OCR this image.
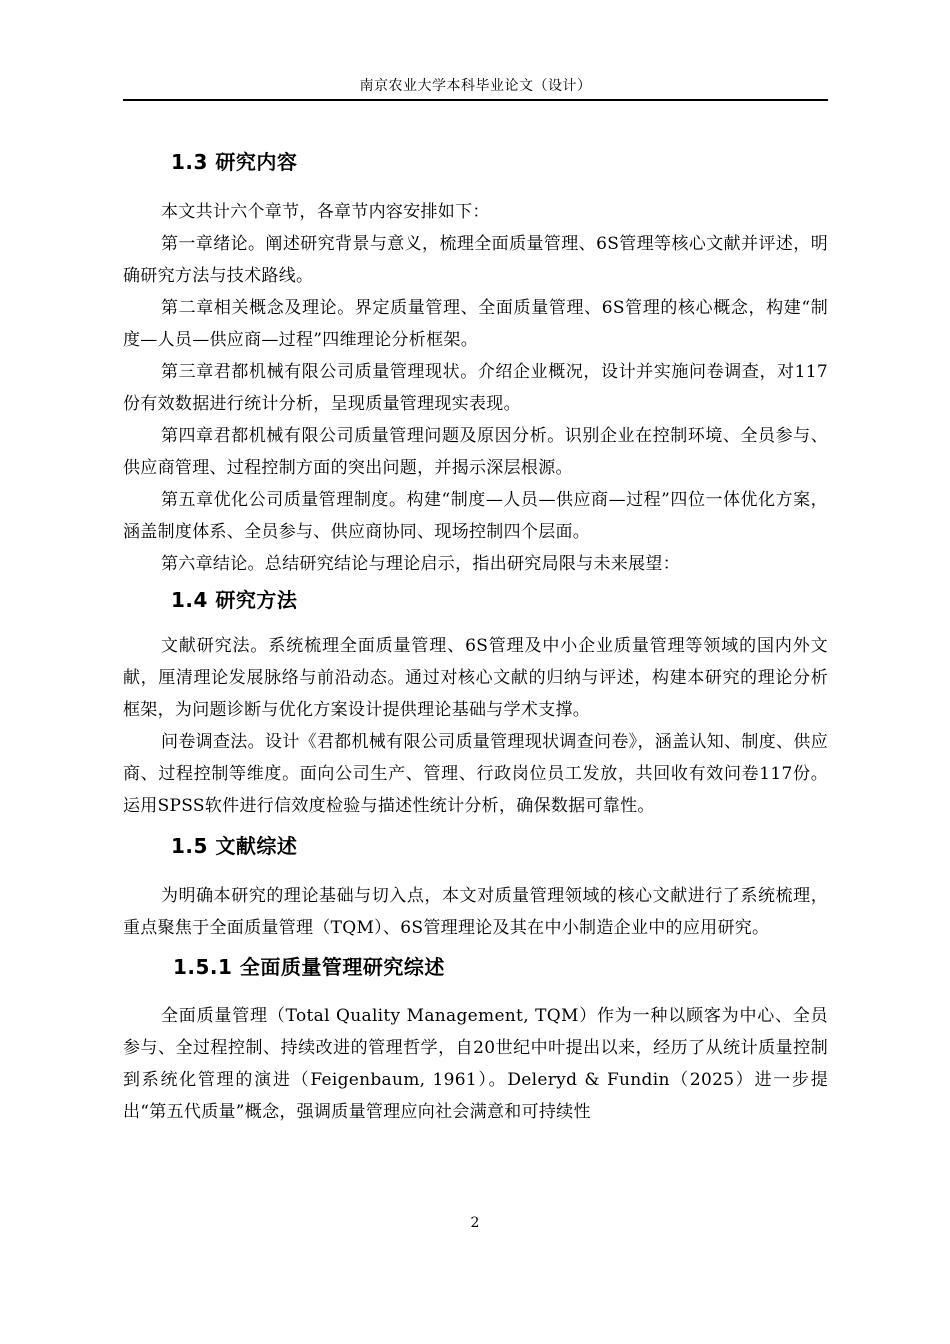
南京农业大学本科毕业论文（设计）
1.3 研究内容

本文共计六个章节，各章节内容安排如下：

第一章绪论。阐述研究背景与意义，梳理全面质量管理、6S管理等核心文献并评述，明确研究方法与技术路线。

第二章相关概念及理论。界定质量管理、全面质量管理、6S管理的核心概念，构建“制度—人员—供应商—过程”四维理论分析框架。

第三章君都机械有限公司质量管理现状。介绍企业概况，设计并实施问卷调查，对117份有效数据进行统计分析，呈现质量管理现实表现。

第四章君都机械有限公司质量管理问题及原因分析。识别企业在控制环境、全员参与、供应商管理、过程控制方面的突出问题，并揭示深层根源。

第五章优化公司质量管理制度。构建“制度—人员—供应商—过程”四位一体优化方案，涵盖制度体系、全员参与、供应商协同、现场控制四个层面。

第六章结论。总结研究结论与理论启示，指出研究局限与未来展望：

1.4 研究方法

文献研究法。系统梳理全面质量管理、6S管理及中小企业质量管理等领域的国内外文献，厘清理论发展脉络与前沿动态。通过对核心文献的归纳与评述，构建本研究的理论分析框架，为问题诊断与优化方案设计提供理论基础与学术支撑。

问卷调查法。设计《君都机械有限公司质量管理现状调查问卷》，涵盖认知、制度、供应商、过程控制等维度。面向公司生产、管理、行政岗位员工发放，共回收有效问卷117份。运用SPSS软件进行信效度检验与描述性统计分析，确保数据可靠性。

1.5 文献综述

为明确本研究的理论基础与切入点，本文对质量管理领域的核心文献进行了系统梳理，重点聚焦于全面质量管理（TQM）、6S管理理论及其在中小制造企业中的应用研究。

1.5.1 全面质量管理研究综述

全面质量管理（Total Quality Management, TQM）作为一种以顾客为中心、全员参与、全过程控制、持续改进的管理哲学，自20世纪中叶提出以来，经历了从统计质量控制到系统化管理的演进（Feigenbaum, 1961）。Deleryd & Fundin（2025）进一步提出“第五代质量”概念，强调质量管理应向社会满意和可持续性

2
